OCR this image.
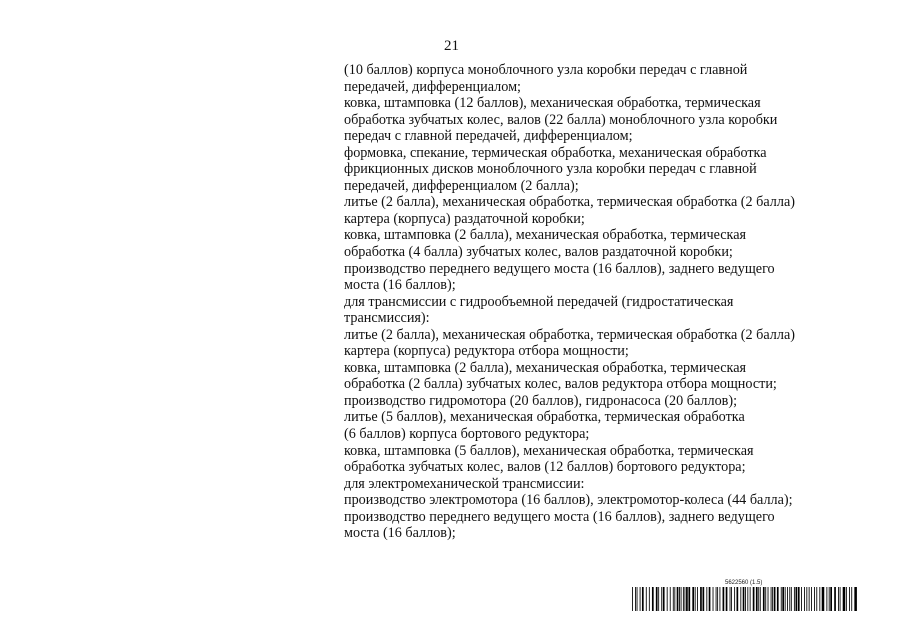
21
(10 баллов) корпуса моноблочного узла коробки передач с главной
передачей, дифференциалом;
ковка, штамповка (12 баллов), механическая обработка, термическая
обработка зубчатых колес, валов (22 балла) моноблочного узла коробки
передач с главной передачей, дифференциалом;
формовка, спекание, термическая обработка, механическая обработка
фрикционных дисков моноблочного узла коробки передач с главной
передачей, дифференциалом (2 балла);
литье (2 балла), механическая обработка, термическая обработка (2 балла)
картера (корпуса) раздаточной коробки;
ковка, штамповка (2 балла), механическая обработка, термическая
обработка (4 балла) зубчатых колес, валов раздаточной коробки;
производство переднего ведущего моста (16 баллов), заднего ведущего
моста (16 баллов);
для трансмиссии с гидрообъемной передачей (гидростатическая
трансмиссия):
литье (2 балла), механическая обработка, термическая обработка (2 балла)
картера (корпуса) редуктора отбора мощности;
ковка, штамповка (2 балла), механическая обработка, термическая
обработка (2 балла) зубчатых колес, валов редуктора отбора мощности;
производство гидромотора (20 баллов), гидронасоса (20 баллов);
литье (5 баллов), механическая обработка, термическая обработка
(6 баллов) корпуса бортового редуктора;
ковка, штамповка (5 баллов), механическая обработка, термическая
обработка зубчатых колес, валов (12 баллов) бортового редуктора;
для электромеханической трансмиссии:
производство электромотора (16 баллов), электромотор-колеса (44 балла);
производство переднего ведущего моста (16 баллов), заднего ведущего
моста (16 баллов);
5622560 (1.5)
